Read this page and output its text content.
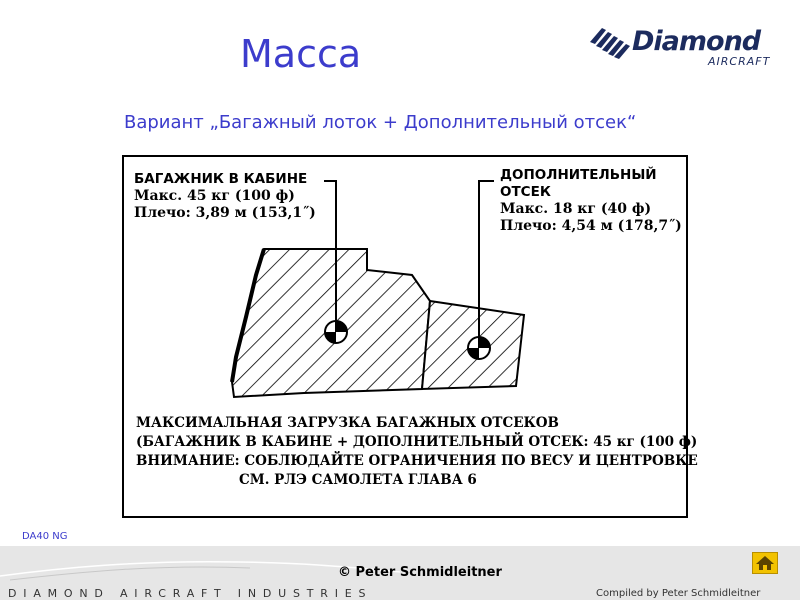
Масса	Diamond
AIRCRAFT
Вариант „Багажный лоток + Дополнительный отсек“
БАГАЖНИК В КАБИНЕ
Макс. 45 кг (100 ф)
Плечо: 3,89 м (153,1˝)
ДОПОЛНИТЕЛЬНЫЙ
ОТСЕК
Макс. 18 кг (40 ф)
Плечо: 4,54 м (178,7˝)
МАКСИМАЛЬНАЯ ЗАГРУЗКА БАГАЖНЫХ ОТСЕКОВ
(БАГАЖНИК В КАБИНЕ + ДОПОЛНИТЕЛЬНЫЙ ОТСЕК: 45 кг (100 ф)
ВНИМАНИЕ: СОБЛЮДАЙТЕ ОГРАНИЧЕНИЯ ПО ВЕСУ И ЦЕНТРОВКЕ
СМ. РЛЭ САМОЛЕТА ГЛАВА 6
DA40 NG
© Peter Schmidleitner
DIAMOND AIRCRAFT INDUSTRIES	Compiled by Peter Schmidleitner
